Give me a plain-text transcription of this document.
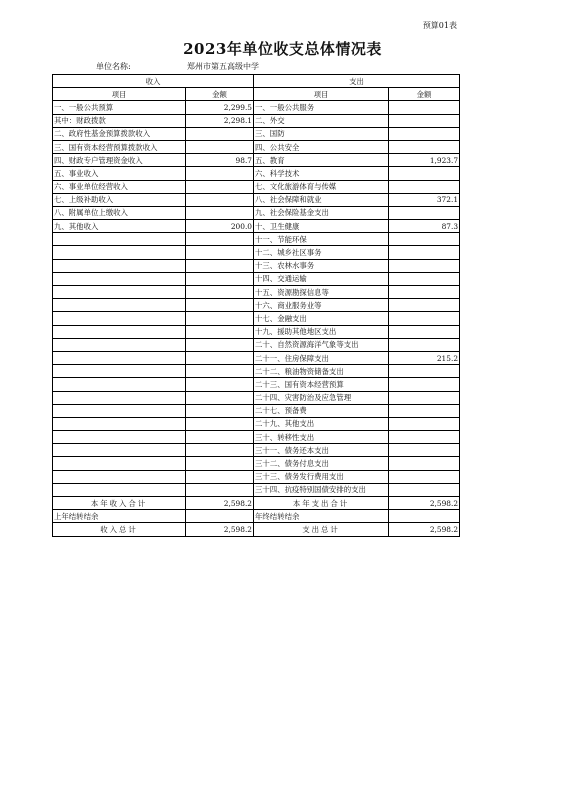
预算01表
2023年单位收支总体情况表
单位名称:	郑州市第五高级中学
收入		支出	
项目	金额	项目	金额
一、一般公共预算	2,299.5	一、一般公共服务	
其中：财政拨款	2,298.1	二、外交	
二、政府性基金预算拨款收入		三、国防	
三、国有资本经营预算拨款收入		四、公共安全	
四、财政专户管理资金收入	98.7	五、教育	1,923.7
五、事业收入		六、科学技术	
六、事业单位经营收入		七、文化旅游体育与传媒	
七、上级补助收入		八、社会保障和就业	372.1
八、附属单位上缴收入		九、社会保险基金支出	
九、其他收入	200.0	十、卫生健康	87.3
		十一、节能环保	
		十二、城乡社区事务	
		十三、农林水事务	
		十四、交通运输	
		十五、资源勘探信息等	
		十六、商业服务业等	
		十七、金融支出	
		十九、援助其他地区支出	
		二十、自然资源海洋气象等支出	
		二十一、住房保障支出	215.2
		二十二、粮油物资储备支出	
		二十三、国有资本经营预算	
		二十四、灾害防治及应急管理	
		二十七、预备费	
		二十九、其他支出	
		三十、转移性支出	
		三十一、债务还本支出	
		三十二、债务付息支出	
		三十三、债务发行费用支出	
		三十四、抗疫特别国债安排的支出	
本年收入合计	2,598.2	本年支出合计	2,598.2
上年结转结余		年终结转结余	
收入总计	2,598.2	支出总计	2,598.2
